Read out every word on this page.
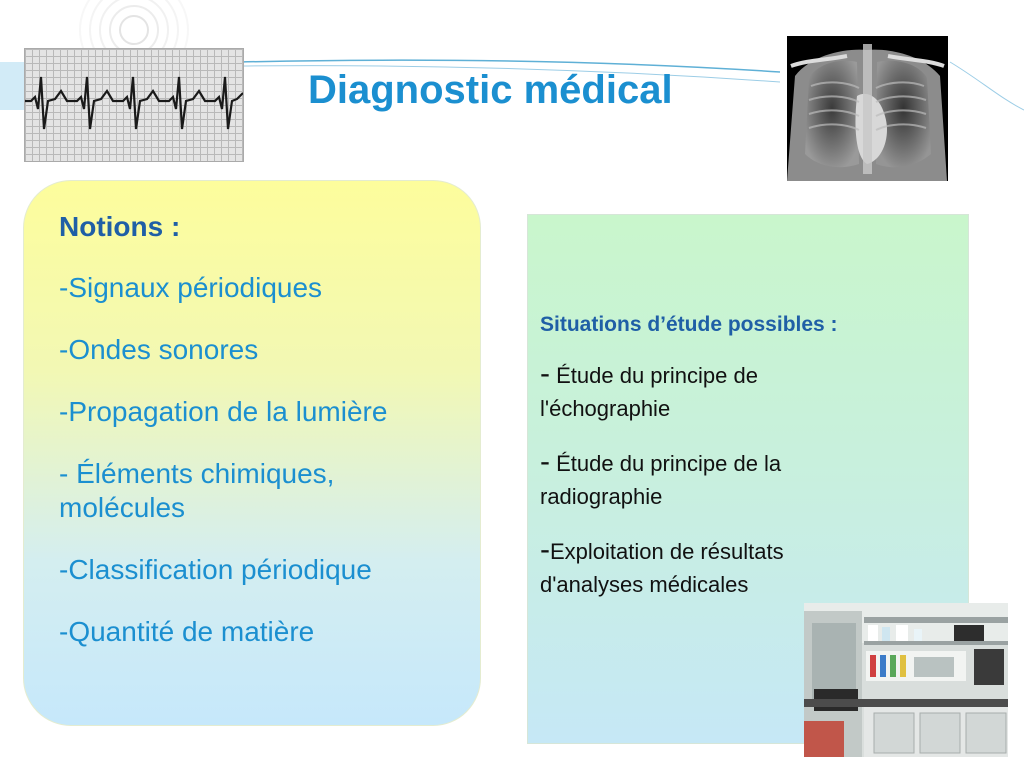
Diagnostic médical
Notions :
-Signaux périodiques
-Ondes sonores
-Propagation de la lumière
- Éléments chimiques, molécules
-Classification périodique
-Quantité de matière
Situations d’étude possibles :
- Étude du principe de l'échographie
- Étude du principe de la radiographie
-Exploitation de résultats d'analyses médicales
